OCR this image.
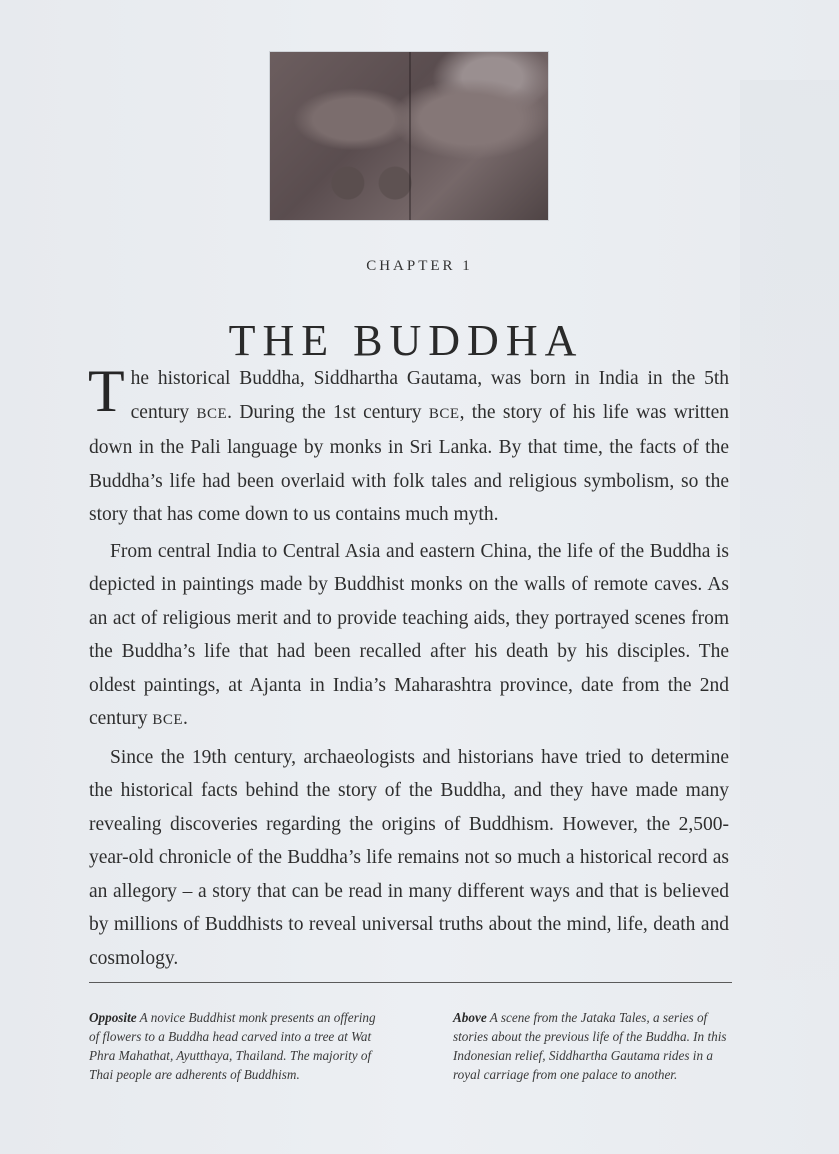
CHAPTER 1
THE BUDDHA

The historical Buddha, Siddhartha Gautama, was born in India in the 5th century BCE. During the 1st century BCE, the story of his life was written down in the Pali language by monks in Sri Lanka. By that time, the facts of the Buddha’s life had been overlaid with folk tales and religious symbolism, so the story that has come down to us contains much myth.

From central India to Central Asia and eastern China, the life of the Buddha is depicted in paintings made by Buddhist monks on the walls of remote caves. As an act of religious merit and to provide teaching aids, they portrayed scenes from the Buddha’s life that had been recalled after his death by his disciples. The oldest paintings, at Ajanta in India’s Maharashtra province, date from the 2nd century BCE.

Since the 19th century, archaeologists and historians have tried to determine the historical facts behind the story of the Buddha, and they have made many revealing discoveries regarding the origins of Buddhism. However, the 2,500-year-old chronicle of the Buddha’s life remains not so much a historical record as an allegory – a story that can be read in many different ways and that is believed by millions of Buddhists to reveal universal truths about the mind, life, death and cosmology.

Opposite A novice Buddhist monk presents an offering of flowers to a Buddha head carved into a tree at Wat Phra Mahathat, Ayutthaya, Thailand. The majority of Thai people are adherents of Buddhism.
Above A scene from the Jataka Tales, a series of stories about the previous life of the Buddha. In this Indonesian relief, Siddhartha Gautama rides in a royal carriage from one palace to another.
